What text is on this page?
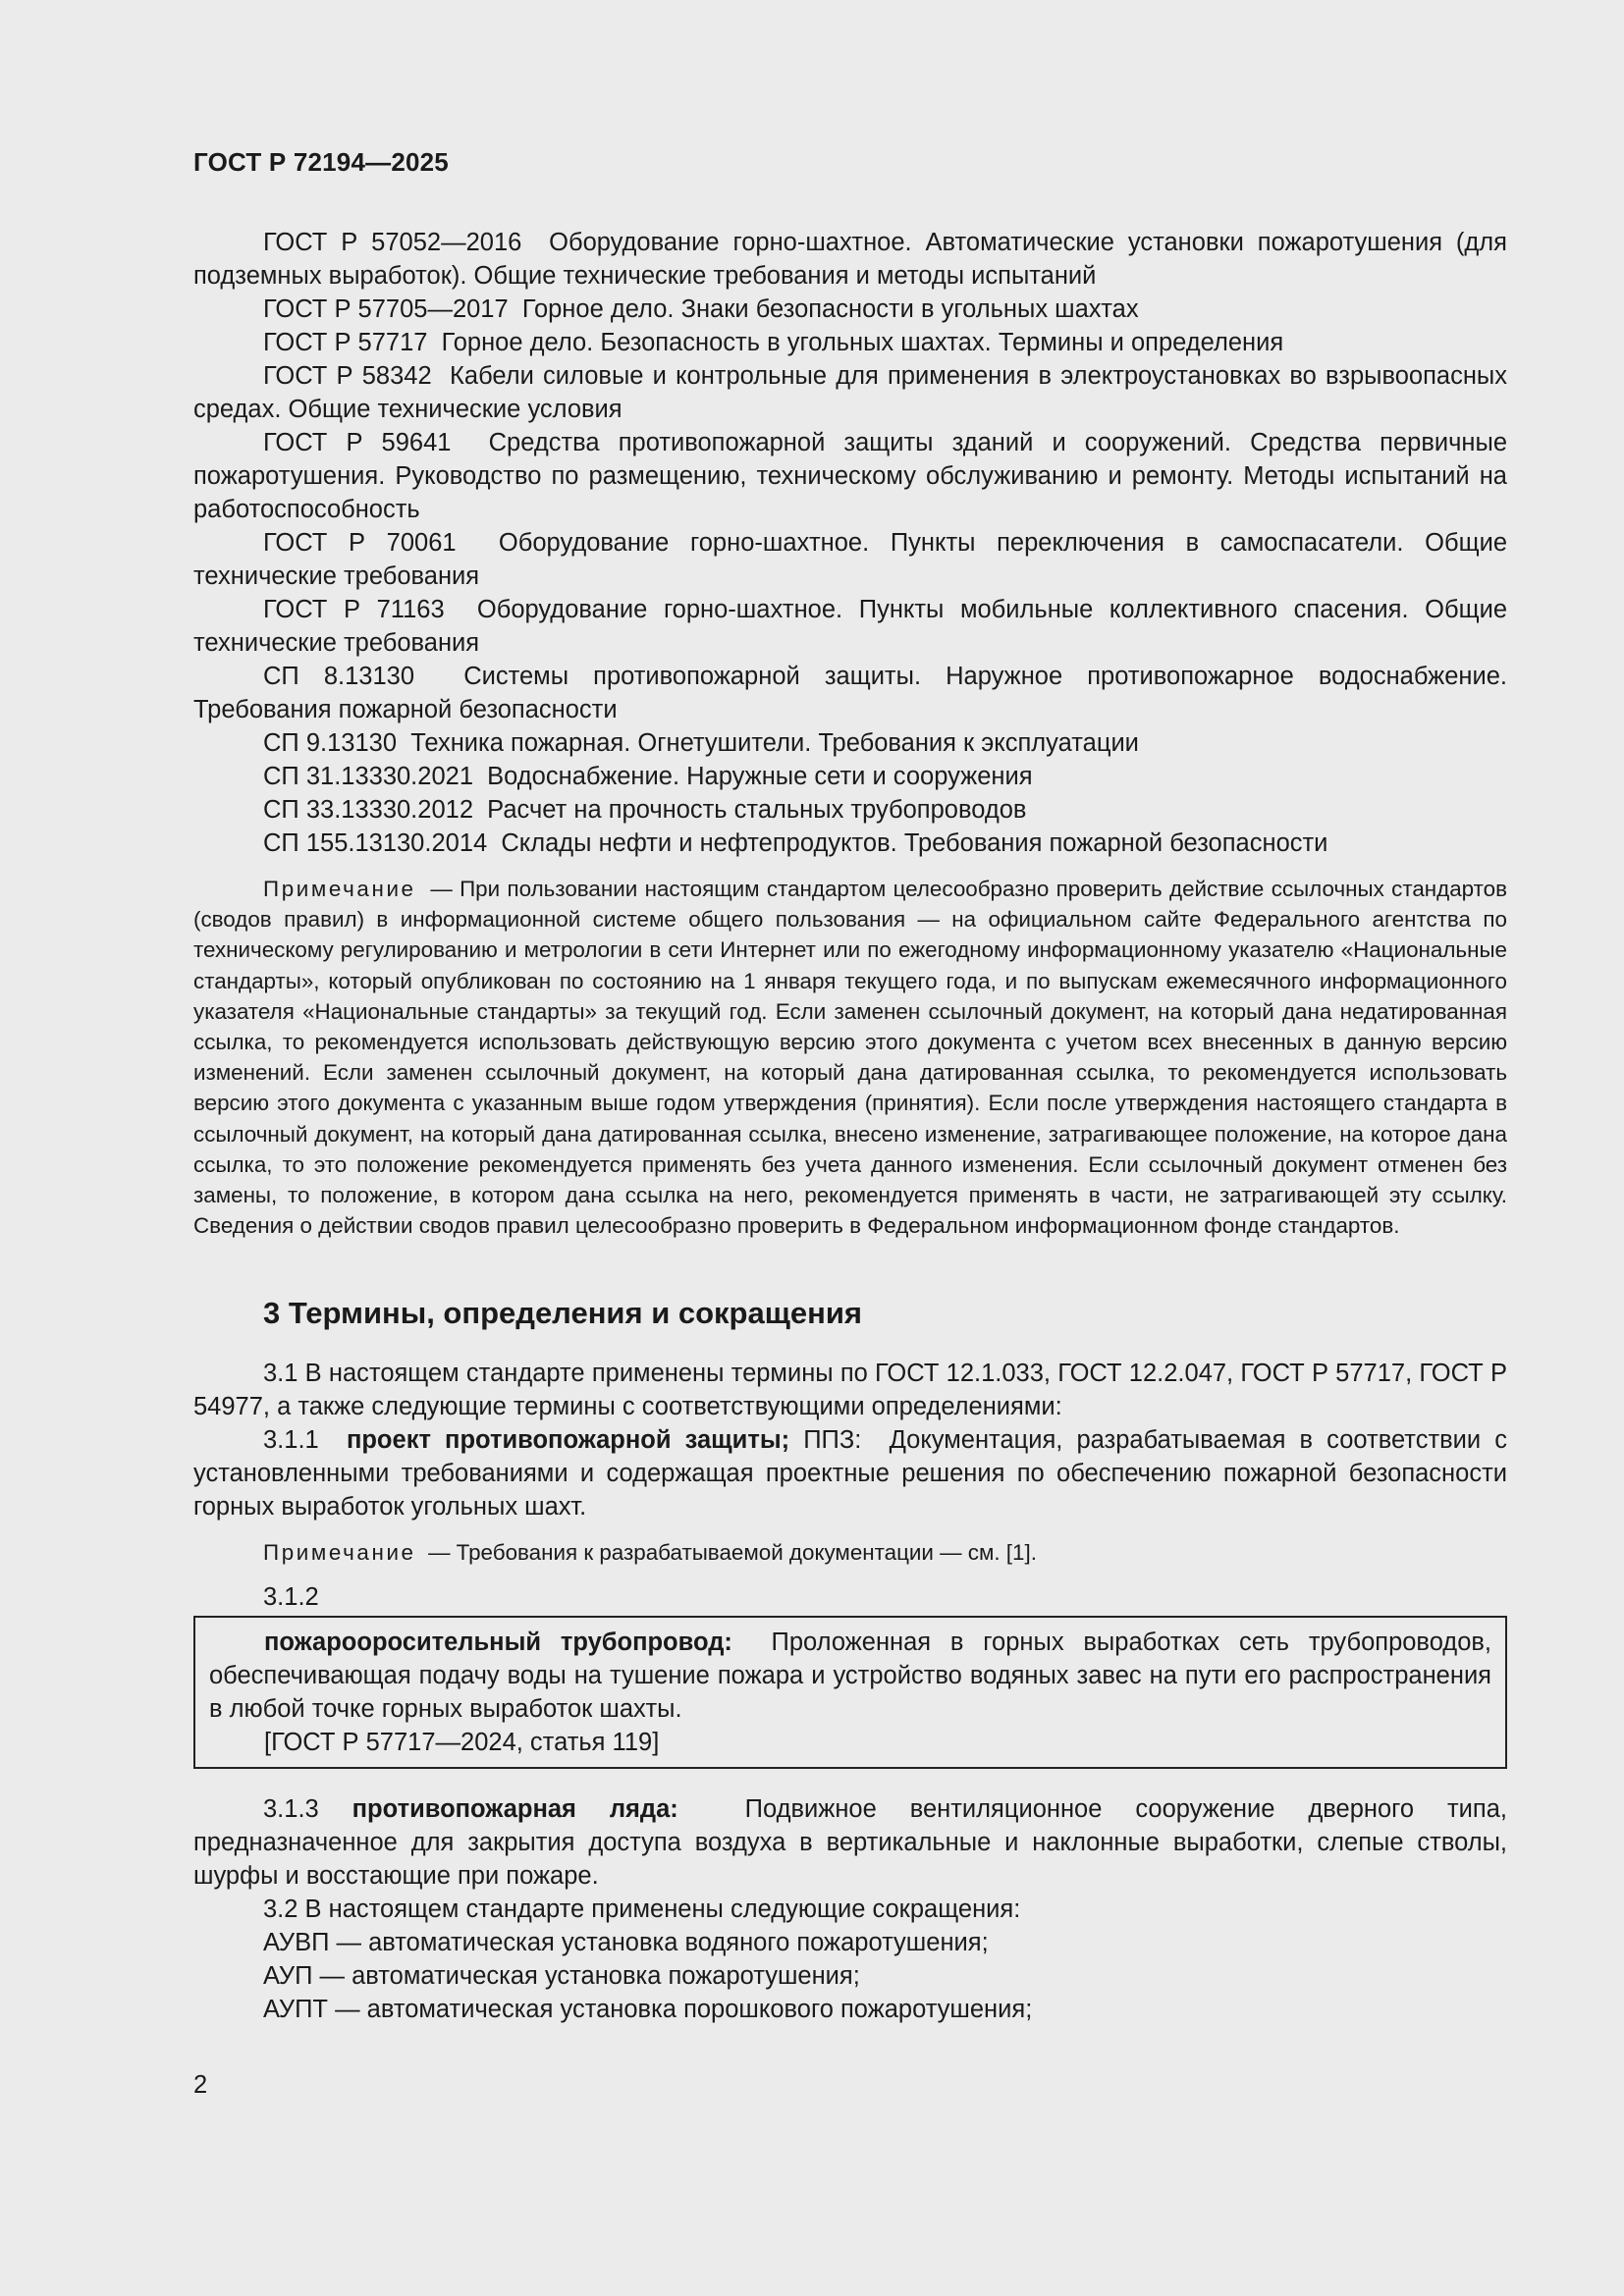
ГОСТ Р 72194—2025

ГОСТ Р 57052—2016 Оборудование горно-шахтное. Автоматические установки пожаротушения (для подземных выработок). Общие технические требования и методы испытаний

ГОСТ Р 57705—2017 Горное дело. Знаки безопасности в угольных шахтах

ГОСТ Р 57717 Горное дело. Безопасность в угольных шахтах. Термины и определения

ГОСТ Р 58342 Кабели силовые и контрольные для применения в электроустановках во взрывоопасных средах. Общие технические условия

ГОСТ Р 59641 Средства противопожарной защиты зданий и сооружений. Средства первичные пожаротушения. Руководство по размещению, техническому обслуживанию и ремонту. Методы испытаний на работоспособность

ГОСТ Р 70061 Оборудование горно-шахтное. Пункты переключения в самоспасатели. Общие технические требования

ГОСТ Р 71163 Оборудование горно-шахтное. Пункты мобильные коллективного спасения. Общие технические требования

СП 8.13130 Системы противопожарной защиты. Наружное противопожарное водоснабжение. Требования пожарной безопасности

СП 9.13130 Техника пожарная. Огнетушители. Требования к эксплуатации

СП 31.13330.2021 Водоснабжение. Наружные сети и сооружения

СП 33.13330.2012 Расчет на прочность стальных трубопроводов

СП 155.13130.2014 Склады нефти и нефтепродуктов. Требования пожарной безопасности

Примечание — При пользовании настоящим стандартом целесообразно проверить действие ссылочных стандартов (сводов правил) в информационной системе общего пользования — на официальном сайте Федерального агентства по техническому регулированию и метрологии в сети Интернет или по ежегодному информационному указателю «Национальные стандарты», который опубликован по состоянию на 1 января текущего года, и по выпускам ежемесячного информационного указателя «Национальные стандарты» за текущий год. Если заменен ссылочный документ, на который дана недатированная ссылка, то рекомендуется использовать действующую версию этого документа с учетом всех внесенных в данную версию изменений. Если заменен ссылочный документ, на который дана датированная ссылка, то рекомендуется использовать версию этого документа с указанным выше годом утверждения (принятия). Если после утверждения настоящего стандарта в ссылочный документ, на который дана датированная ссылка, внесено изменение, затрагивающее положение, на которое дана ссылка, то это положение рекомендуется применять без учета данного изменения. Если ссылочный документ отменен без замены, то положение, в котором дана ссылка на него, рекомендуется применять в части, не затрагивающей эту ссылку. Сведения о действии сводов правил целесообразно проверить в Федеральном информационном фонде стандартов.

3 Термины, определения и сокращения

3.1 В настоящем стандарте применены термины по ГОСТ 12.1.033, ГОСТ 12.2.047, ГОСТ Р 57717, ГОСТ Р 54977, а также следующие термины с соответствующими определениями:

3.1.1 проект противопожарной защиты; ППЗ: Документация, разрабатываемая в соответствии с установленными требованиями и содержащая проектные решения по обеспечению пожарной безопасности горных выработок угольных шахт.

Примечание — Требования к разрабатываемой документации — см. [1].

3.1.2

пожарооросительный трубопровод: Проложенная в горных выработках сеть трубопроводов, обеспечивающая подачу воды на тушение пожара и устройство водяных завес на пути его распространения в любой точке горных выработок шахты.

[ГОСТ Р 57717—2024, статья 119]

3.1.3 противопожарная ляда:	Подвижное вентиляционное сооружение дверного типа, предназначенное для закрытия доступа воздуха в вертикальные и наклонные выработки, слепые стволы, шурфы и восстающие при пожаре.

3.2 В настоящем стандарте применены следующие сокращения:

АУВП — автоматическая установка водяного пожаротушения;

АУП — автоматическая установка пожаротушения;

АУПТ — автоматическая установка порошкового пожаротушения;

2
